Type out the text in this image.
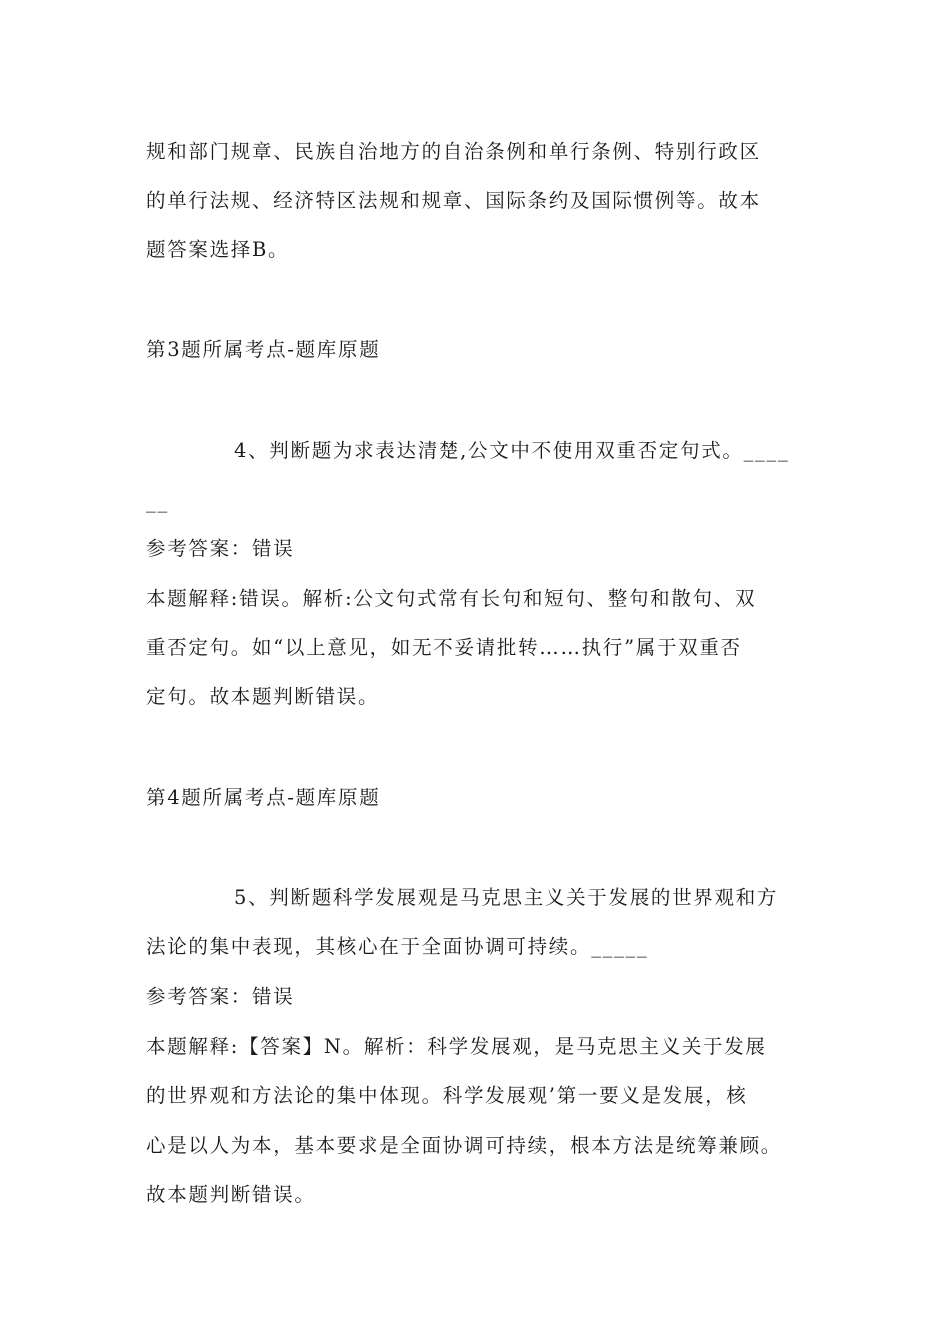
规和部门规章、民族自治地方的自治条例和单行条例、特别行政区
的单行法规、经济特区法规和规章、国际条约及国际惯例等。故本
题答案选择B。
第3题所属考点-题库原题
4、判断题为求表达清楚,公文中不使用双重否定句式。____
__
参考答案：错误
本题解释:错误。解析:公文句式常有长句和短句、整句和散句、双
重否定句。如“以上意见，如无不妥请批转……执行”属于双重否
定句。故本题判断错误。
第4题所属考点-题库原题
5、判断题科学发展观是马克思主义关于发展的世界观和方
法论的集中表现，其核心在于全面协调可持续。_____
参考答案：错误
本题解释:【答案】N。解析：科学发展观，是马克思主义关于发展
的世界观和方法论的集中体现。科学发展观’第一要义是发展，核
心是以人为本，基本要求是全面协调可持续，根本方法是统筹兼顾。
故本题判断错误。
